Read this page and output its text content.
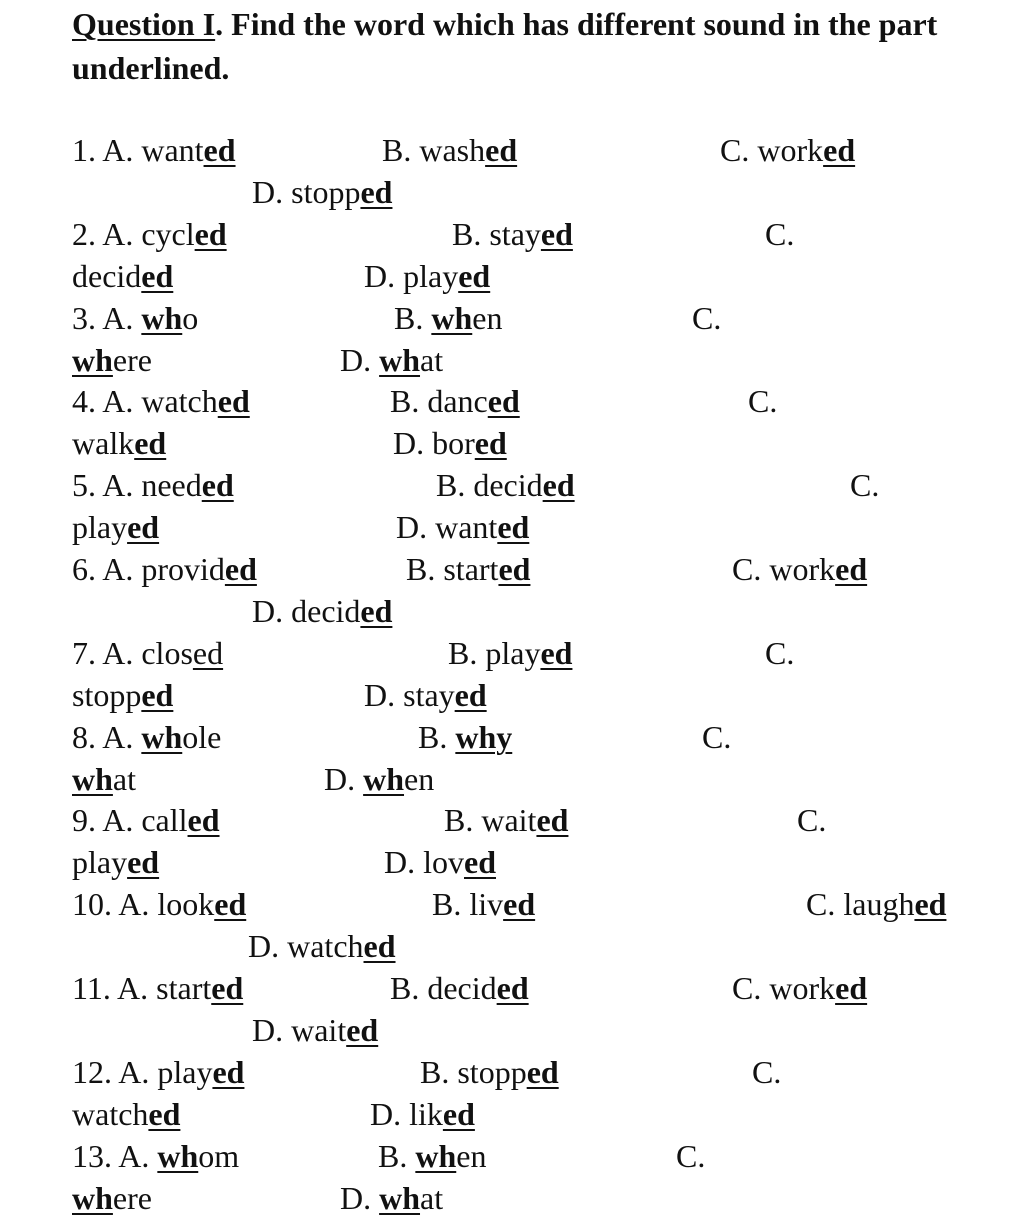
Question I. Find the word which has different sound in the part underlined.
1. A. wanted	B. washed	C. worked
D. stopped
2. A. cycled	B. stayed	C.
decided	D. played
3. A. who	B. when	C.
where	D. what
4. A. watched	B. danced	C.
walked	D. bored
5. A. needed	B. decided	C.
played	D. wanted
6. A. provided	B. started	C. worked
D. decided
7. A. closed	B. played	C.
stopped	D. stayed
8. A. whole	B. why	C.
what	D. when
9. A. called	B. waited	C.
played	D. loved
10. A. looked	B. lived	C. laughed
D. watched
11. A. started	B. decided	C. worked
D. waited
12. A. played	B. stopped	C.
watched	D. liked
13. A. whom	B. when	C.
where	D. what
